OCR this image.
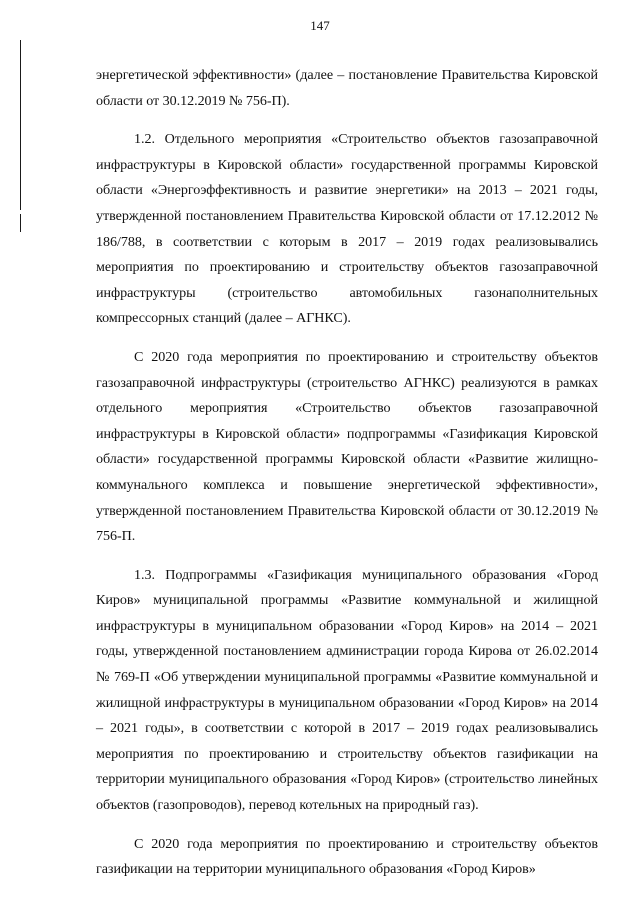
147

энергетической эффективности» (далее – постановление Правительства Кировской области от 30.12.2019 № 756-П).

1.2. Отдельного мероприятия «Строительство объектов газозаправочной инфраструктуры в Кировской области» государственной программы Кировской области «Энергоэффективность и развитие энергетики» на 2013 – 2021 годы, утвержденной постановлением Правительства Кировской области от 17.12.2012 № 186/788, в соответствии с которым в 2017 – 2019 годах реализовывались мероприятия по проектированию и строительству объектов газозаправочной инфраструктуры (строительство автомобильных газонаполнительных компрессорных станций (далее – АГНКС).

С 2020 года мероприятия по проектированию и строительству объектов газозаправочной инфраструктуры (строительство АГНКС) реализуются в рамках отдельного мероприятия «Строительство объектов газозаправочной инфраструктуры в Кировской области» подпрограммы «Газификация Кировской области» государственной программы Кировской области «Развитие жилищно-коммунального комплекса и повышение энергетической эффективности», утвержденной постановлением Правительства Кировской области от 30.12.2019 № 756-П.

1.3. Подпрограммы «Газификация муниципального образования «Город Киров» муниципальной программы «Развитие коммунальной и жилищной инфраструктуры в муниципальном образовании «Город Киров» на 2014 – 2021 годы, утвержденной постановлением администрации города Кирова от 26.02.2014 № 769-П «Об утверждении муниципальной программы «Развитие коммунальной и жилищной инфраструктуры в муниципальном образовании «Город Киров» на 2014 – 2021 годы», в соответствии с которой в 2017 – 2019 годах реализовывались мероприятия по проектированию и строительству объектов газификации на территории муниципального образования «Город Киров» (строительство линейных объектов (газопроводов), перевод котельных на природный газ).

С 2020 года мероприятия по проектированию и строительству объектов газификации на территории муниципального образования «Город Киров»
